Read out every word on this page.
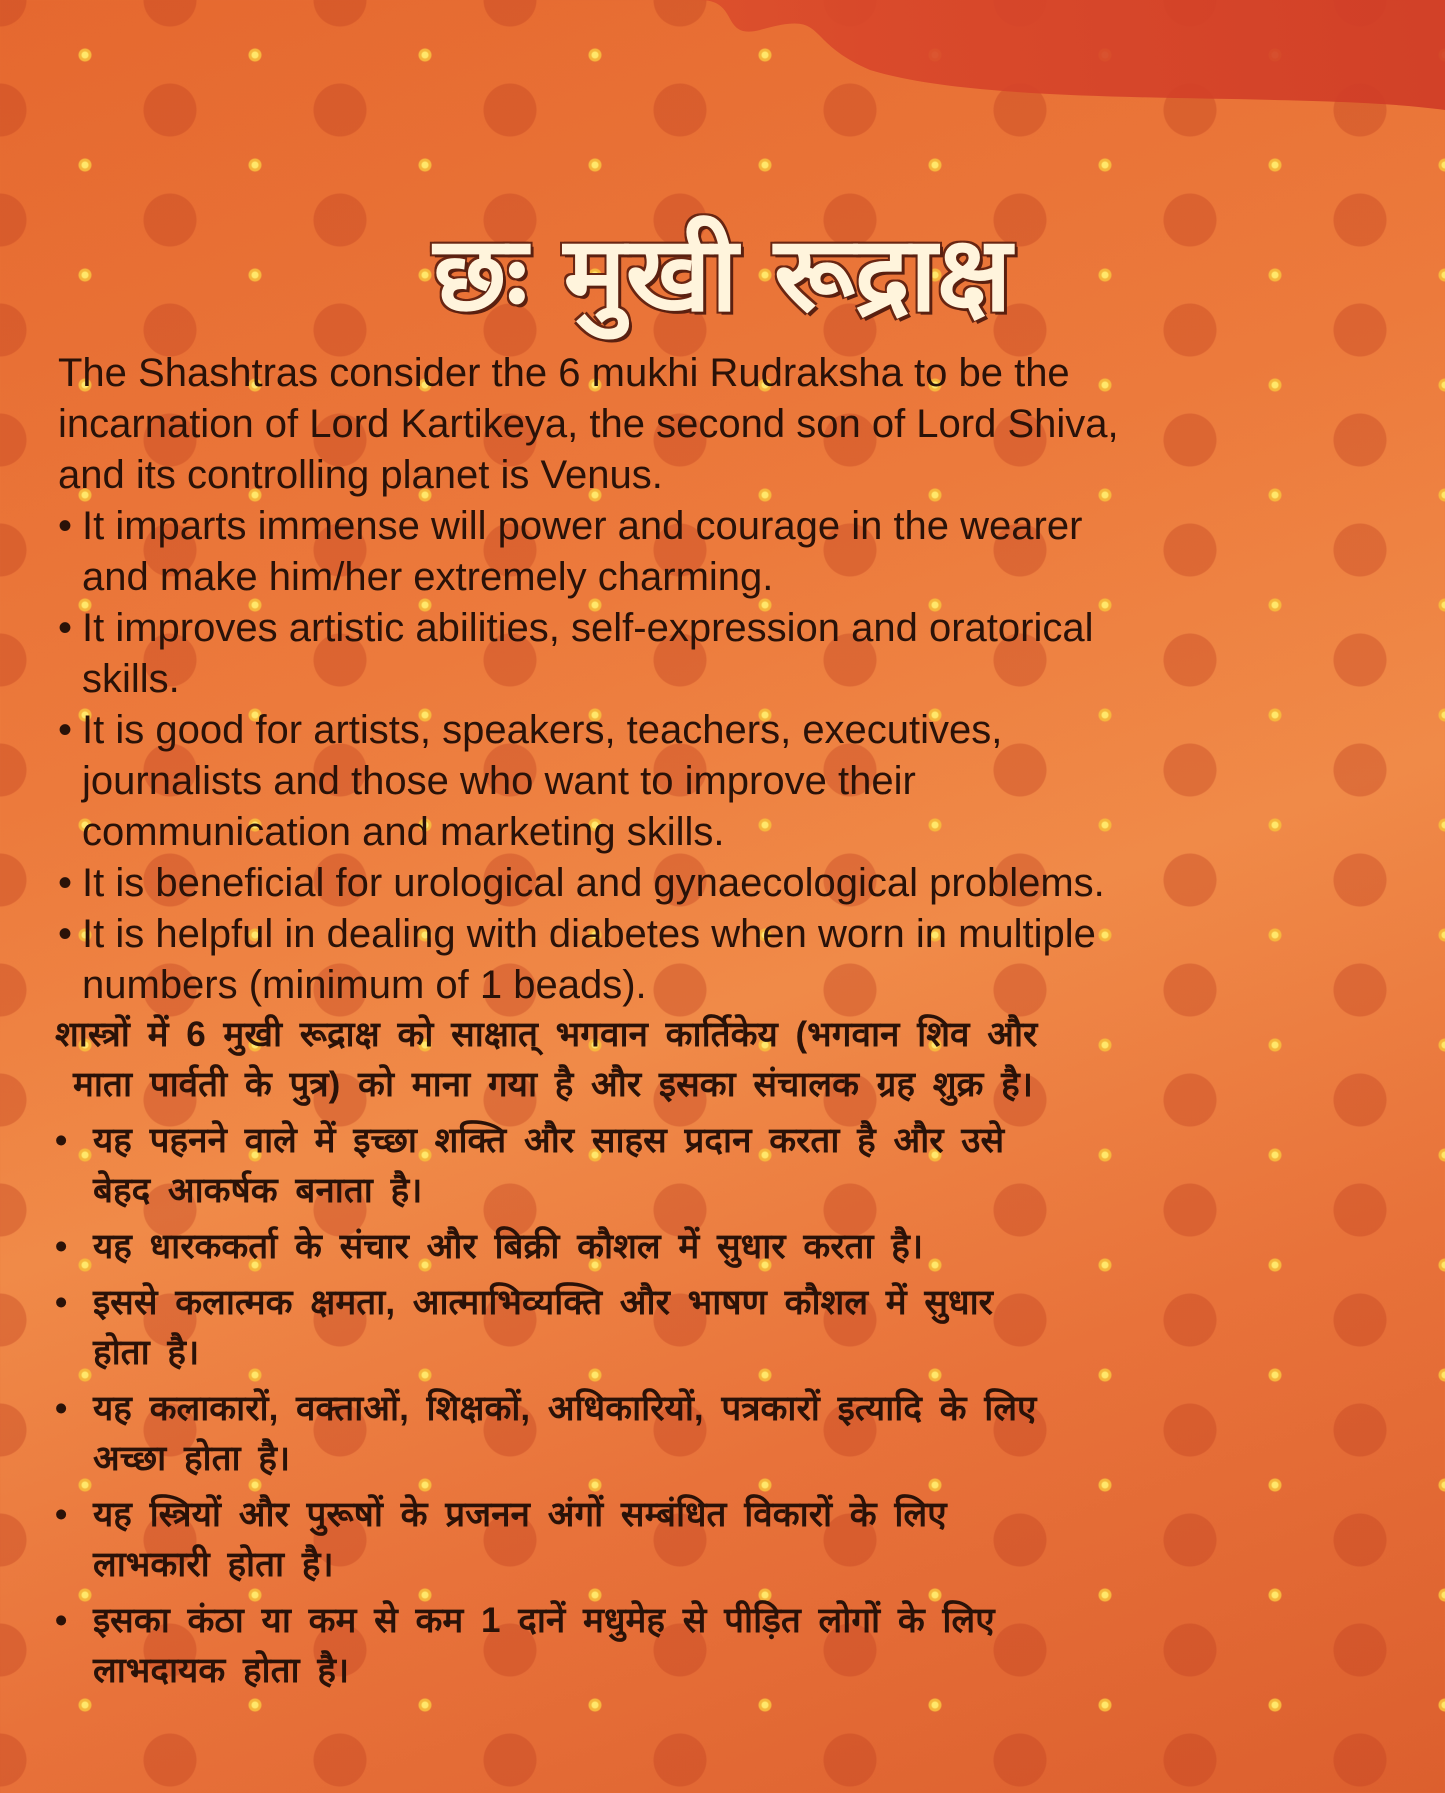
छः मुखी रूद्राक्ष
The Shashtras consider the 6 mukhi Rudraksha to be the
incarnation of Lord Kartikeya, the second son of Lord Shiva,
and its controlling planet is Venus.
• It imparts immense will power and courage in the wearer
and make him/her extremely charming.
• It improves artistic abilities, self-expression and oratorical
skills.
• It is good for artists, speakers, teachers, executives,
journalists and those who want to improve their
communication and marketing skills.
• It is beneficial for urological and gynaecological problems.
• It is helpful in dealing with diabetes when worn in multiple
numbers (minimum of 1 beads).
शास्त्रों में 6 मुखी रूद्राक्ष को साक्षात् भगवान कार्तिकेय (भगवान शिव और
माता पार्वती के पुत्र) को माना गया है और इसका संचालक ग्रह शुक्र है।
• यह पहनने वाले में इच्छा शक्ति और साहस प्रदान करता है और उसे
बेहद आकर्षक बनाता है।
• यह धारककर्ता के संचार और बिक्री कौशल में सुधार करता है।
• इससे कलात्मक क्षमता, आत्माभिव्यक्ति और भाषण कौशल में सुधार
होता है।
• यह कलाकारों, वक्ताओं, शिक्षकों, अधिकारियों, पत्रकारों इत्यादि के लिए
अच्छा होता है।
• यह स्त्रियों और पुरूषों के प्रजनन अंगों सम्बंधित विकारों के लिए
लाभकारी होता है।
• इसका कंठा या कम से कम 1 दानें मधुमेह से पीड़ित लोगों के लिए
लाभदायक होता है।
